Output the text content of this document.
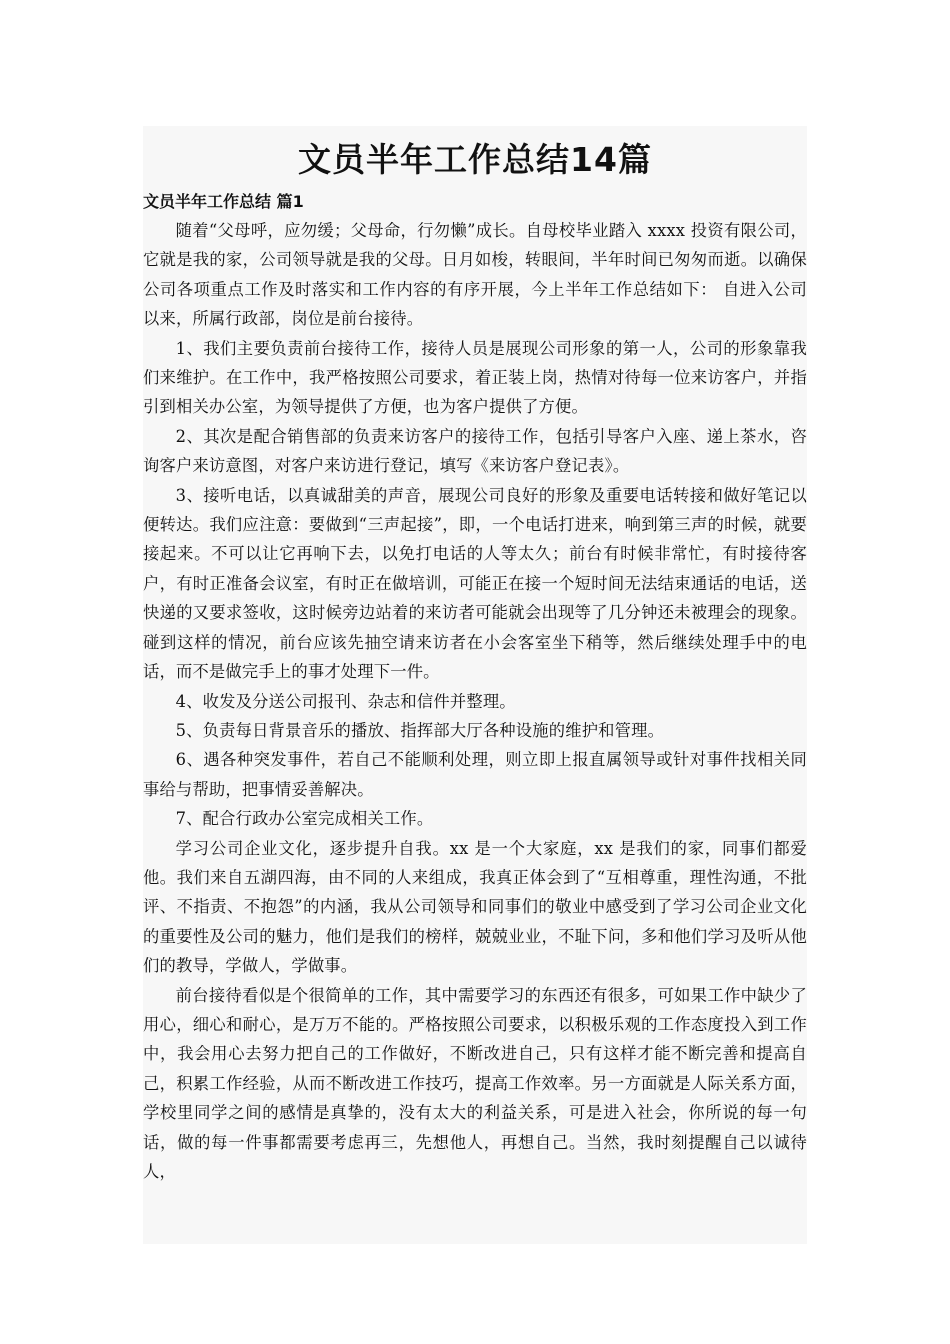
文员半年工作总结14篇
文员半年工作总结 篇1

随着“父母呼，应勿缓；父母命，行勿懒”成长。自母校毕业踏入 xxxx 投资有限公司，它就是我的家，公司领导就是我的父母。日月如梭，转眼间，半年时间已匆匆而逝。以确保公司各项重点工作及时落实和工作内容的有序开展，今上半年工作总结如下： 自进入公司以来，所属行政部，岗位是前台接待。

1、我们主要负责前台接待工作，接待人员是展现公司形象的第一人，公司的形象靠我们来维护。在工作中，我严格按照公司要求，着正装上岗，热情对待每一位来访客户，并指引到相关办公室，为领导提供了方便，也为客户提供了方便。

2、其次是配合销售部的负责来访客户的接待工作，包括引导客户入座、递上茶水，咨询客户来访意图，对客户来访进行登记，填写《来访客户登记表》。

3、接听电话，以真诚甜美的声音，展现公司良好的形象及重要电话转接和做好笔记以便转达。我们应注意：要做到“三声起接”，即，一个电话打进来，响到第三声的时候，就要接起来。不可以让它再响下去，以免打电话的人等太久；前台有时候非常忙，有时接待客户，有时正准备会议室，有时正在做培训，可能正在接一个短时间无法结束通话的电话，送快递的又要求签收，这时候旁边站着的来访者可能就会出现等了几分钟还未被理会的现象。碰到这样的情况，前台应该先抽空请来访者在小会客室坐下稍等，然后继续处理手中的电话，而不是做完手上的事才处理下一件。

4、收发及分送公司报刊、杂志和信件并整理。

5、负责每日背景音乐的播放、指挥部大厅各种设施的维护和管理。

6、遇各种突发事件，若自己不能顺利处理，则立即上报直属领导或针对事件找相关同事给与帮助，把事情妥善解决。

7、配合行政办公室完成相关工作。

学习公司企业文化，逐步提升自我。xx 是一个大家庭，xx 是我们的家，同事们都爱他。我们来自五湖四海，由不同的人来组成，我真正体会到了“互相尊重，理性沟通，不批评、不指责、不抱怨”的内涵，我从公司领导和同事们的敬业中感受到了学习公司企业文化的重要性及公司的魅力，他们是我们的榜样，兢兢业业，不耻下问，多和他们学习及听从他们的教导，学做人，学做事。

前台接待看似是个很简单的工作，其中需要学习的东西还有很多，可如果工作中缺少了用心，细心和耐心，是万万不能的。严格按照公司要求，以积极乐观的工作态度投入到工作中，我会用心去努力把自己的工作做好，不断改进自己，只有这样才能不断完善和提高自己，积累工作经验，从而不断改进工作技巧，提高工作效率。另一方面就是人际关系方面，学校里同学之间的感情是真挚的，没有太大的利益关系，可是进入社会，你所说的每一句话，做的每一件事都需要考虑再三，先想他人，再想自己。当然，我时刻提醒自己以诚待人，
